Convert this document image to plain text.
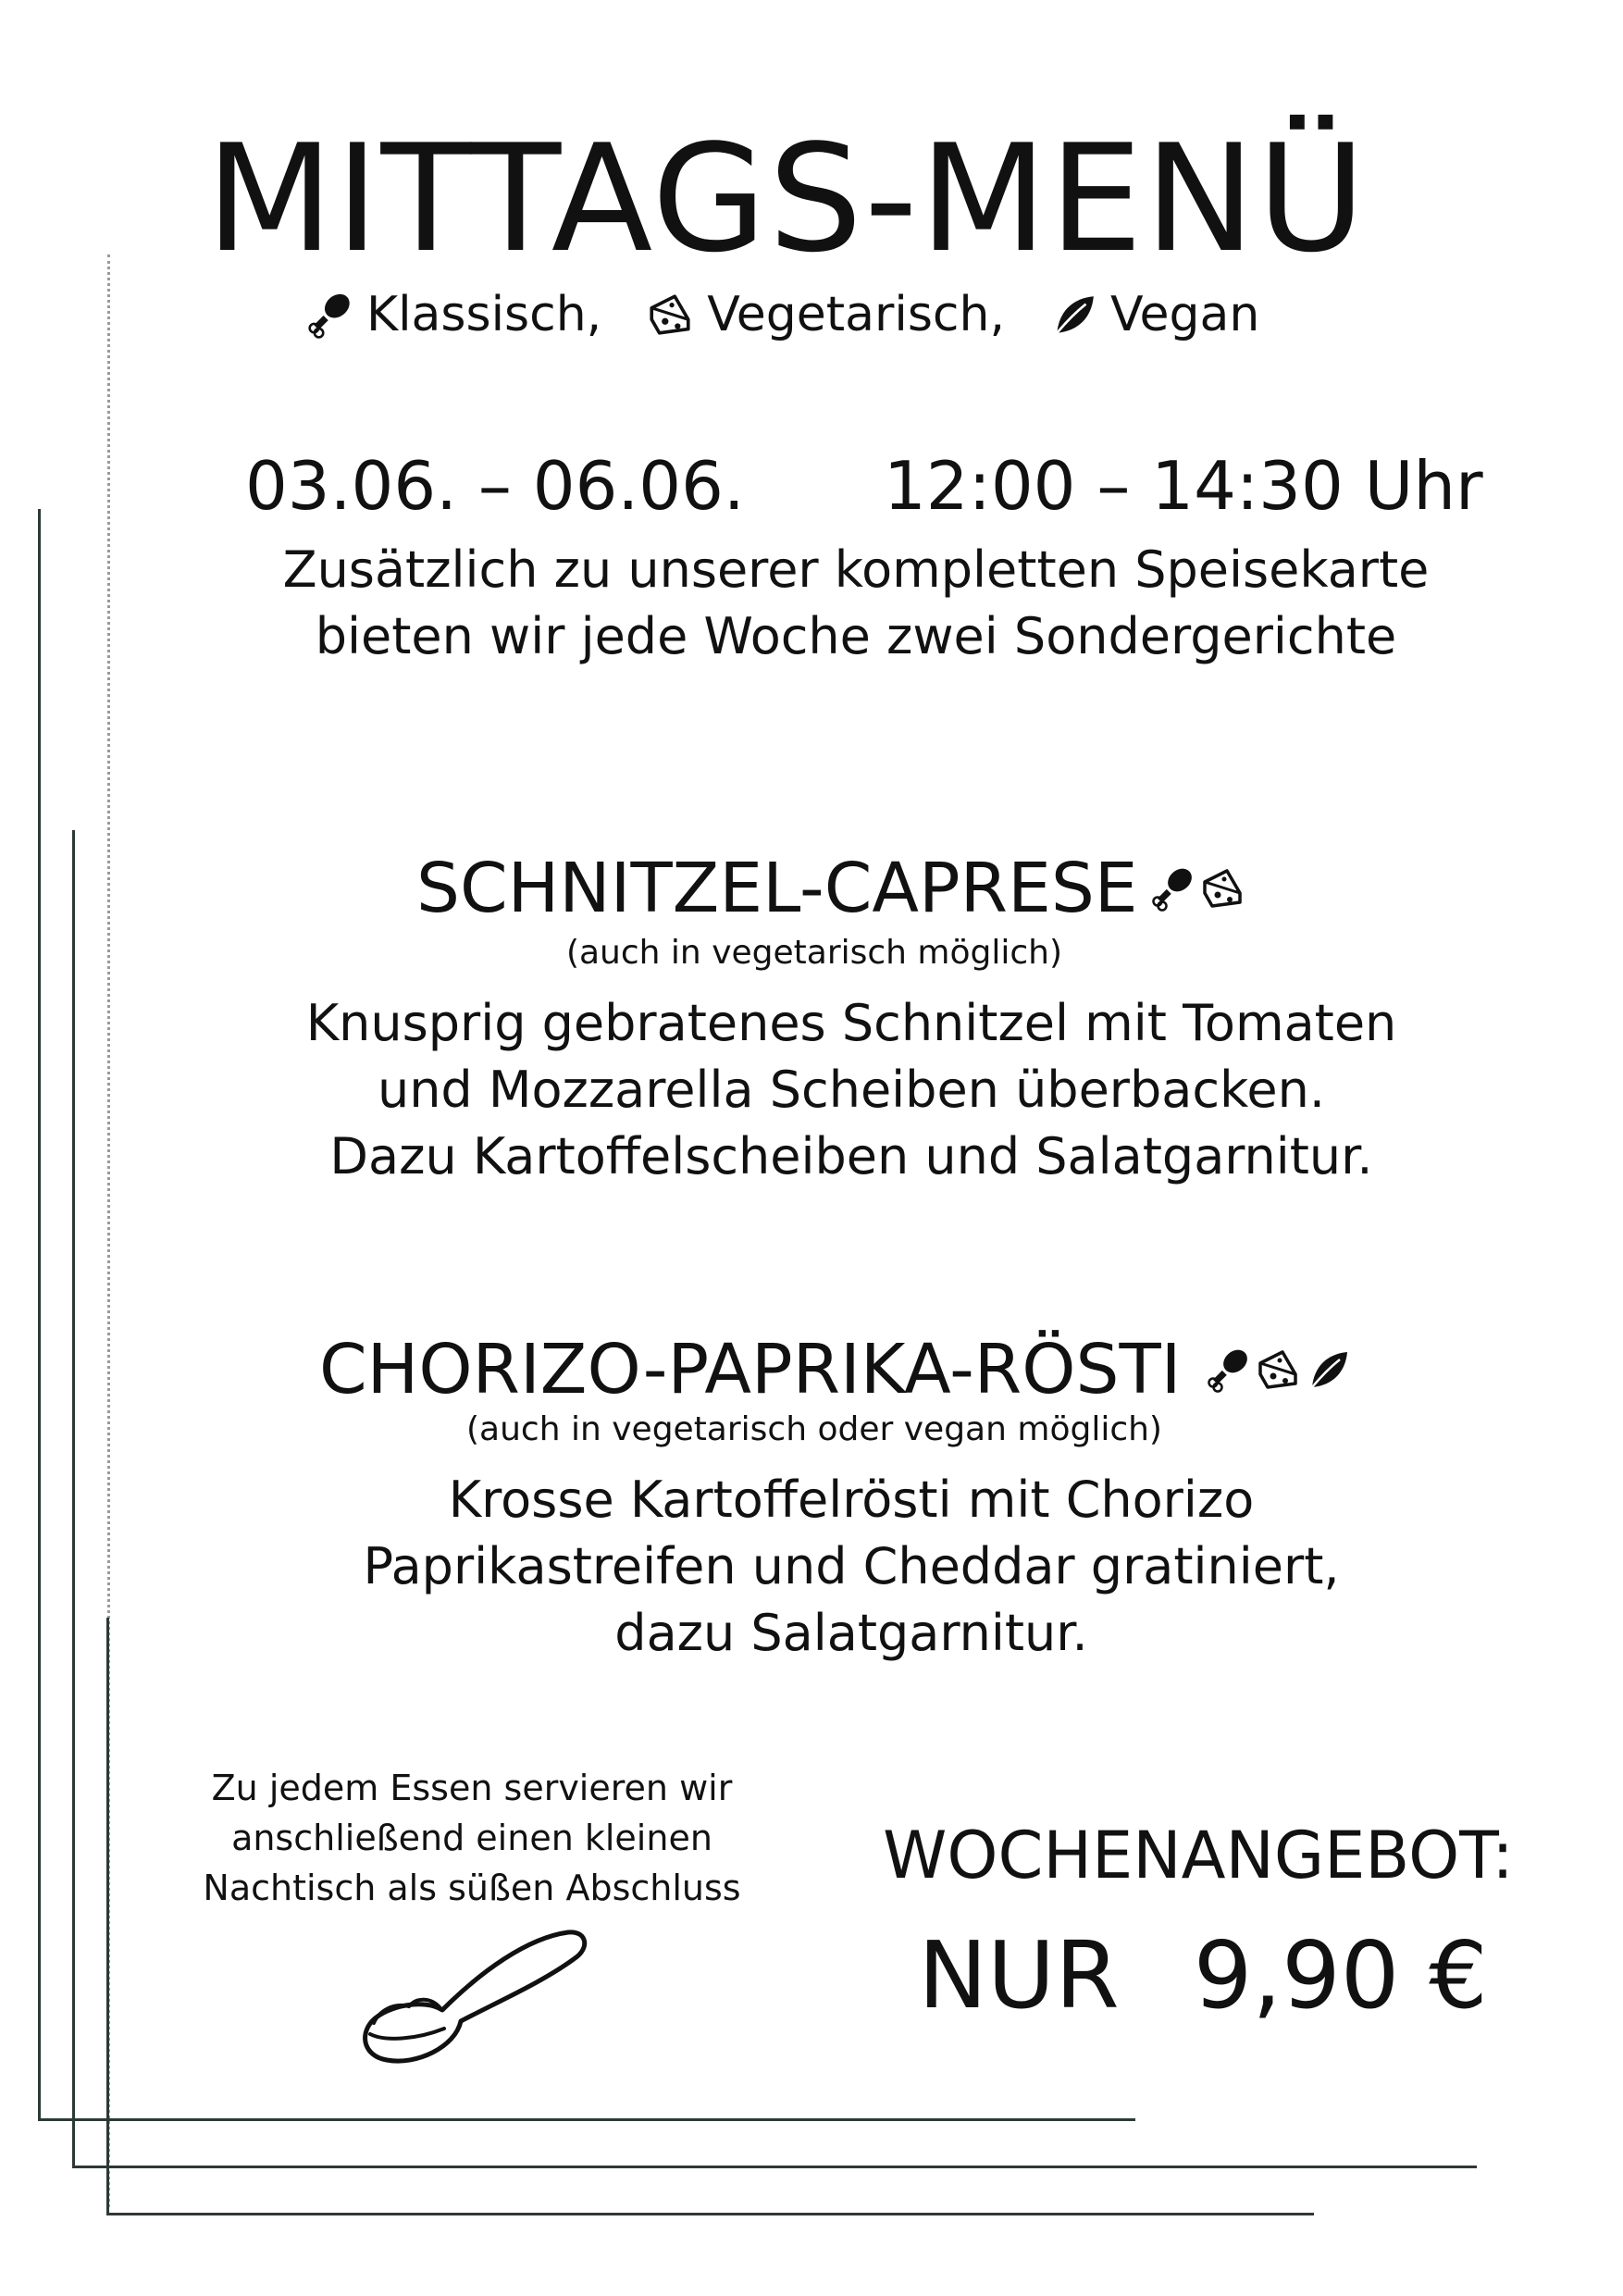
MITTAGS-MENÜ
Klassisch, Vegetarisch, Vegan
03.06. – 06.06. 12:00 – 14:30 Uhr
Zusätzlich zu unserer kompletten Speisekarte
bieten wir jede Woche zwei Sondergerichte
SCHNITZEL-CAPRESE
(auch in vegetarisch möglich)
Knusprig gebratenes Schnitzel mit Tomaten
und Mozzarella Scheiben überbacken.
Dazu Kartoffelscheiben und Salatgarnitur.
CHORIZO-PAPRIKA-RÖSTI
(auch in vegetarisch oder vegan möglich)
Krosse Kartoffelrösti mit Chorizo
Paprikastreifen und Cheddar gratiniert,
dazu Salatgarnitur.
Zu jedem Essen servieren wir
anschließend einen kleinen
Nachtisch als süßen Abschluss	WOCHENANGEBOT:
NUR 9,90 €
